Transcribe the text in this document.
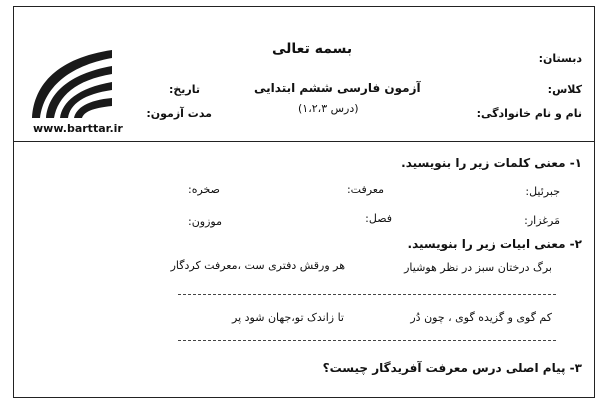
بسمه تعالی
دبستان:
کلاس:
نام و نام خانوادگی:
آزمون فارسی ششم ابتدایی
(درس ۱،۲،۳)
تاریخ:
مدت آزمون:
www.barttar.ir
۱- معنی کلمات زیر را بنویسید.
جبرئیل:
معرفت:
صخره:
مَرغزار:
فصل:
موزون:
۲- معنی ابیات زیر را بنویسید.
برگ درختان سبز در نظر هوشیار
هر ورقش دفتری ست ،معرفت کردگار
کم گوی و گزیده گوی ، چون دُر
تا زاندک تو،جهان شود پر
۳- پیام اصلی درس معرفت آفریدگار چیست؟
